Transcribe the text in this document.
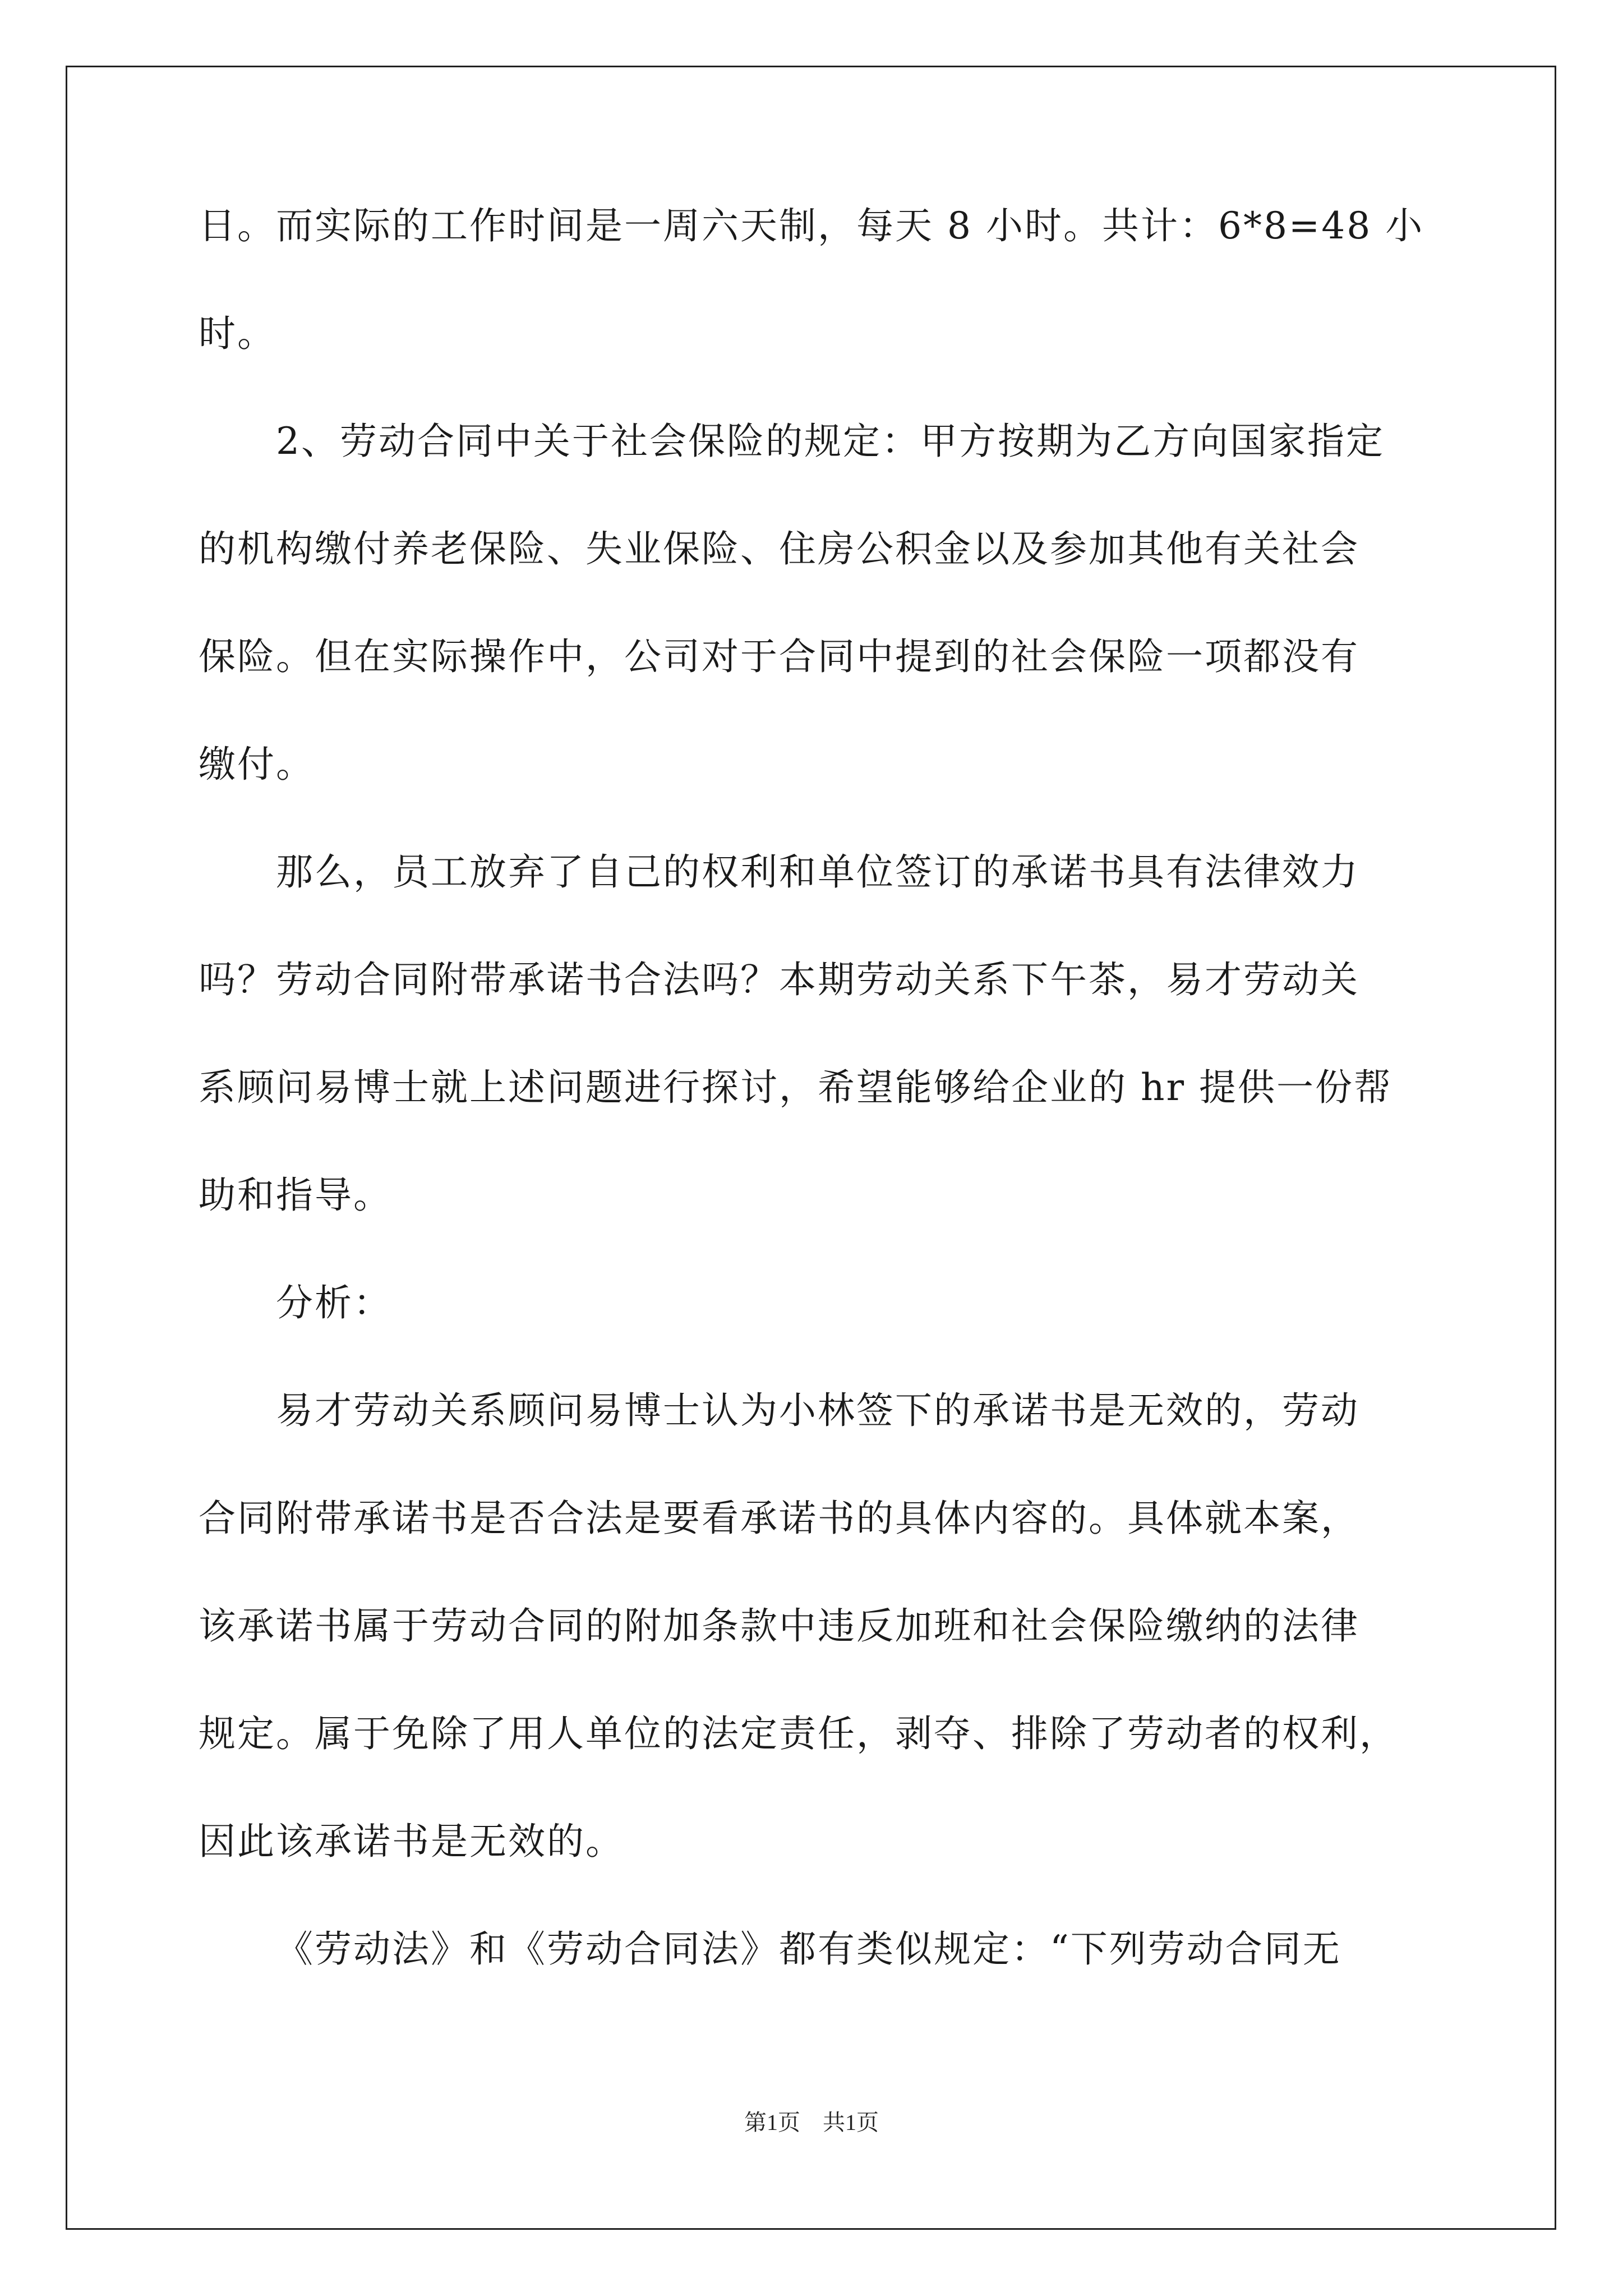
日。而实际的工作时间是一周六天制，每天 8 小时。共计：6*8=48 小

时。

2、劳动合同中关于社会保险的规定：甲方按期为乙方向国家指定

的机构缴付养老保险、失业保险、住房公积金以及参加其他有关社会

保险。但在实际操作中，公司对于合同中提到的社会保险一项都没有

缴付。

那么，员工放弃了自己的权利和单位签订的承诺书具有法律效力

吗？劳动合同附带承诺书合法吗？本期劳动关系下午茶，易才劳动关

系顾问易博士就上述问题进行探讨，希望能够给企业的 hr 提供一份帮

助和指导。

分析：

易才劳动关系顾问易博士认为小林签下的承诺书是无效的，劳动

合同附带承诺书是否合法是要看承诺书的具体内容的。具体就本案，

该承诺书属于劳动合同的附加条款中违反加班和社会保险缴纳的法律

规定。属于免除了用人单位的法定责任，剥夺、排除了劳动者的权利，

因此该承诺书是无效的。

《劳动法》和《劳动合同法》都有类似规定：“下列劳动合同无

第1页　共1页
